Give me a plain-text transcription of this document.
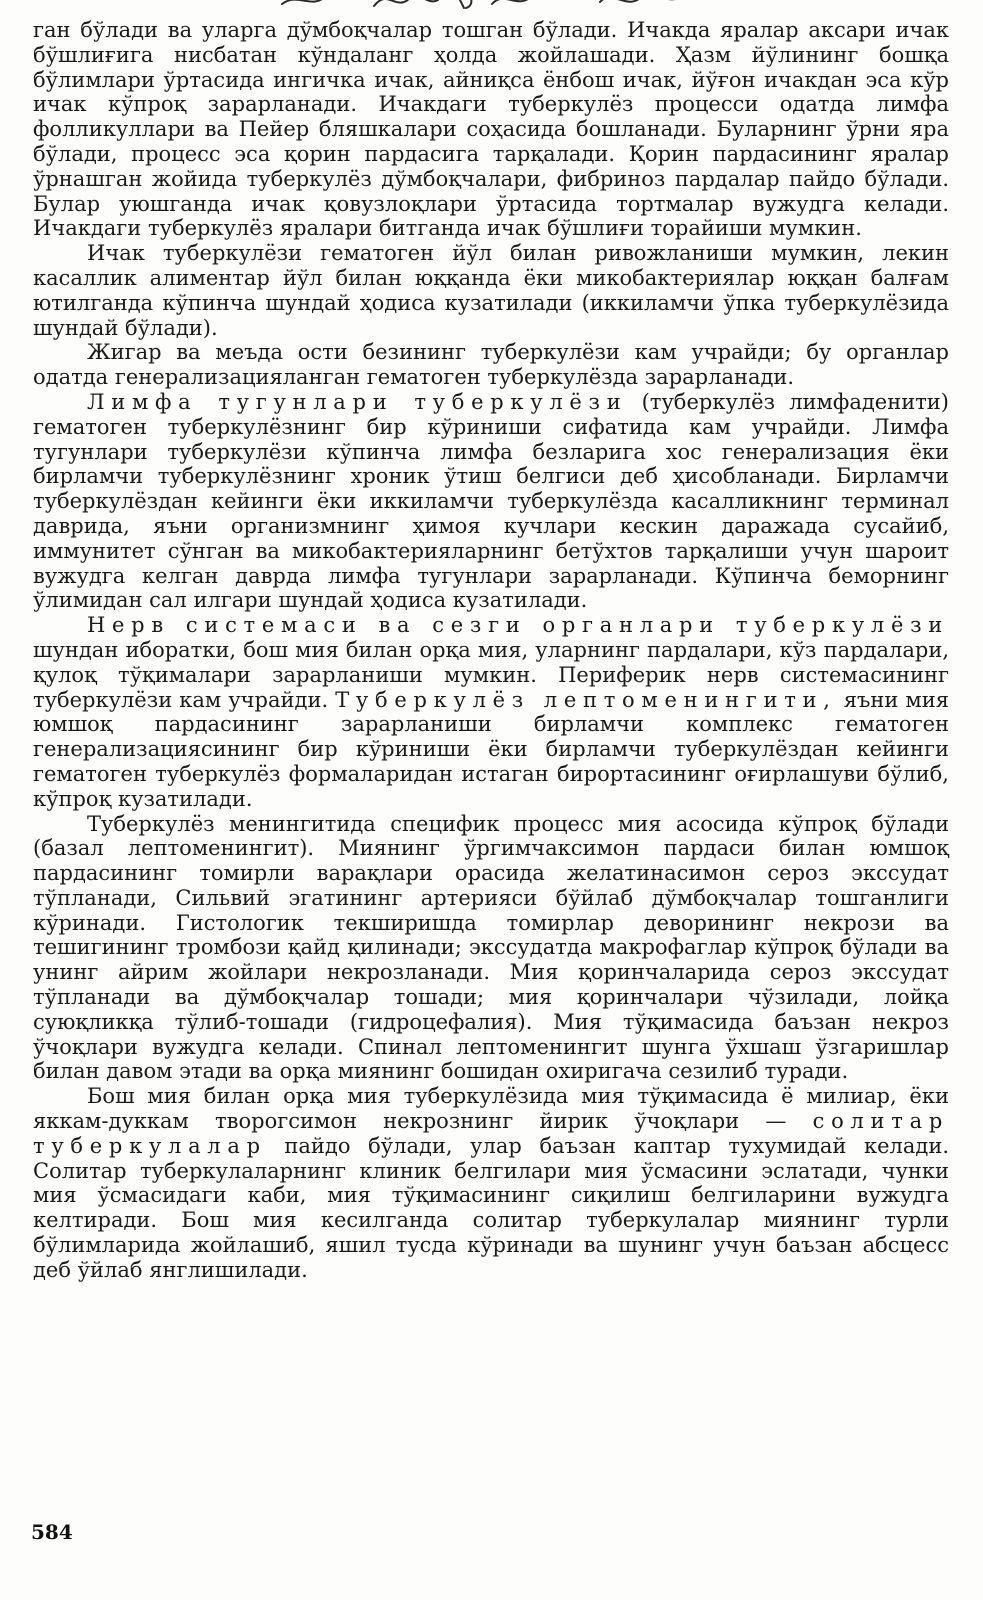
ган бўлади ва уларга дўмбоқчалар тошган бўлади. Ичакда яралар аксари ичак бўшлиғига нисбатан кўндаланг ҳолда жойлашади. Ҳазм йўлининг бошқа бўлимлари ўртасида ингичка ичак, айниқса ёнбош ичак, йўғон ичакдан эса кўр ичак кўпроқ зарарланади. Ичакдаги туберкулёз процесси одатда лимфа фолликуллари ва Пейер бляшкалари соҳасида бошланади. Буларнинг ўрни яра бўлади, процесс эса қорин пардасига тарқалади. Қорин пардасининг яралар ўрнашган жойида туберкулёз дўмбоқчалари, фибриноз пардалар пайдо бўлади. Булар уюшганда ичак қовузлоқлари ўртасида тортмалар вужудга келади. Ичакдаги туберкулёз яралари битганда ичак бўшлиғи торайиши мумкин.

Ичак туберкулёзи гематоген йўл билан ривожланиши мумкин, лекин касаллик алиментар йўл билан юққанда ёки микобактериялар юққан балғам ютилганда кўпинча шундай ҳодиса кузатилади (иккиламчи ўпка туберкулёзида шундай бўлади).

Жигар ва меъда ости безининг туберкулёзи кам учрайди; бу органлар одатда генерализацияланган гематоген туберкулёзда зарарланади.

Лимфа тугунлари туберкулёзи (туберкулёз лимфаденити) гематоген туберкулёзнинг бир кўриниши сифатида кам учрайди. Лимфа тугунлари туберкулёзи кўпинча лимфа безларига хос генерализация ёки бирламчи туберкулёзнинг хроник ўтиш белгиси деб ҳисобланади. Бирламчи туберкулёздан кейинги ёки иккиламчи туберкулёзда касалликнинг терминал даврида, яъни организмнинг ҳимоя кучлари кескин даражада сусайиб, иммунитет сўнган ва микобактерияларнинг бетўхтов тарқалиши учун шароит вужудга келган даврда лимфа тугунлари зарарланади. Кўпинча беморнинг ўлимидан сал илгари шундай ҳодиса кузатилади.

Нерв системаси ва сезги органлари туберкулёзи шундан иборатки, бош мия билан орқа мия, уларнинг пардалари, кўз пардалари, қулоқ тўқималари зарарланиши мумкин. Периферик нерв системасининг туберкулёзи кам учрайди. Туберкулёз лептоменингити, яъни мия юмшоқ пардасининг зарарланиши бирламчи комплекс гематоген генерализациясининг бир кўриниши ёки бирламчи туберкулёздан кейинги гематоген туберкулёз формаларидан истаган бирортасининг оғирлашуви бўлиб, кўпроқ кузатилади.

Туберкулёз менингитида специфик процесс мия асосида кўпроқ бўлади (базал лептоменингит). Миянинг ўргимчаксимон пардаси билан юмшоқ пардасининг томирли варақлари орасида желатинасимон сероз экссудат тўпланади, Сильвий эгатининг артерияси бўйлаб дўмбоқчалар тошганлиги кўринади. Гистологик текширишда томирлар деворининг некрози ва тешигининг тромбози қайд қилинади; экссудатда макрофаглар кўпроқ бўлади ва унинг айрим жойлари некрозланади. Мия қоринчаларида сероз экссудат тўпланади ва дўмбоқчалар тошади; мия қоринчалари чўзилади, лойқа суюқликқа тўлиб-тошади (гидроцефалия). Мия тўқимасида баъзан некроз ўчоқлари вужудга келади. Спинал лептоменингит шунга ўхшаш ўзгаришлар билан давом этади ва орқа миянинг бошидан охиригача сезилиб туради.

Бош мия билан орқа мия туберкулёзида мия тўқимасида ё милиар, ёки яккам-дуккам творогсимон некрознинг йирик ўчоқлари — солитар туберкулалар пайдо бўлади, улар баъзан каптар тухумидай келади. Солитар туберкулаларнинг клиник белгилари мия ўсмасини эслатади, чунки мия ўсмасидаги каби, мия тўқимасининг сиқилиш белгиларини вужудга келтиради. Бош мия кесилганда солитар туберкулалар миянинг турли бўлимларида жойлашиб, яшил тусда кўринади ва шунинг учун баъзан абсцесс деб ўйлаб янглишилади.

584
